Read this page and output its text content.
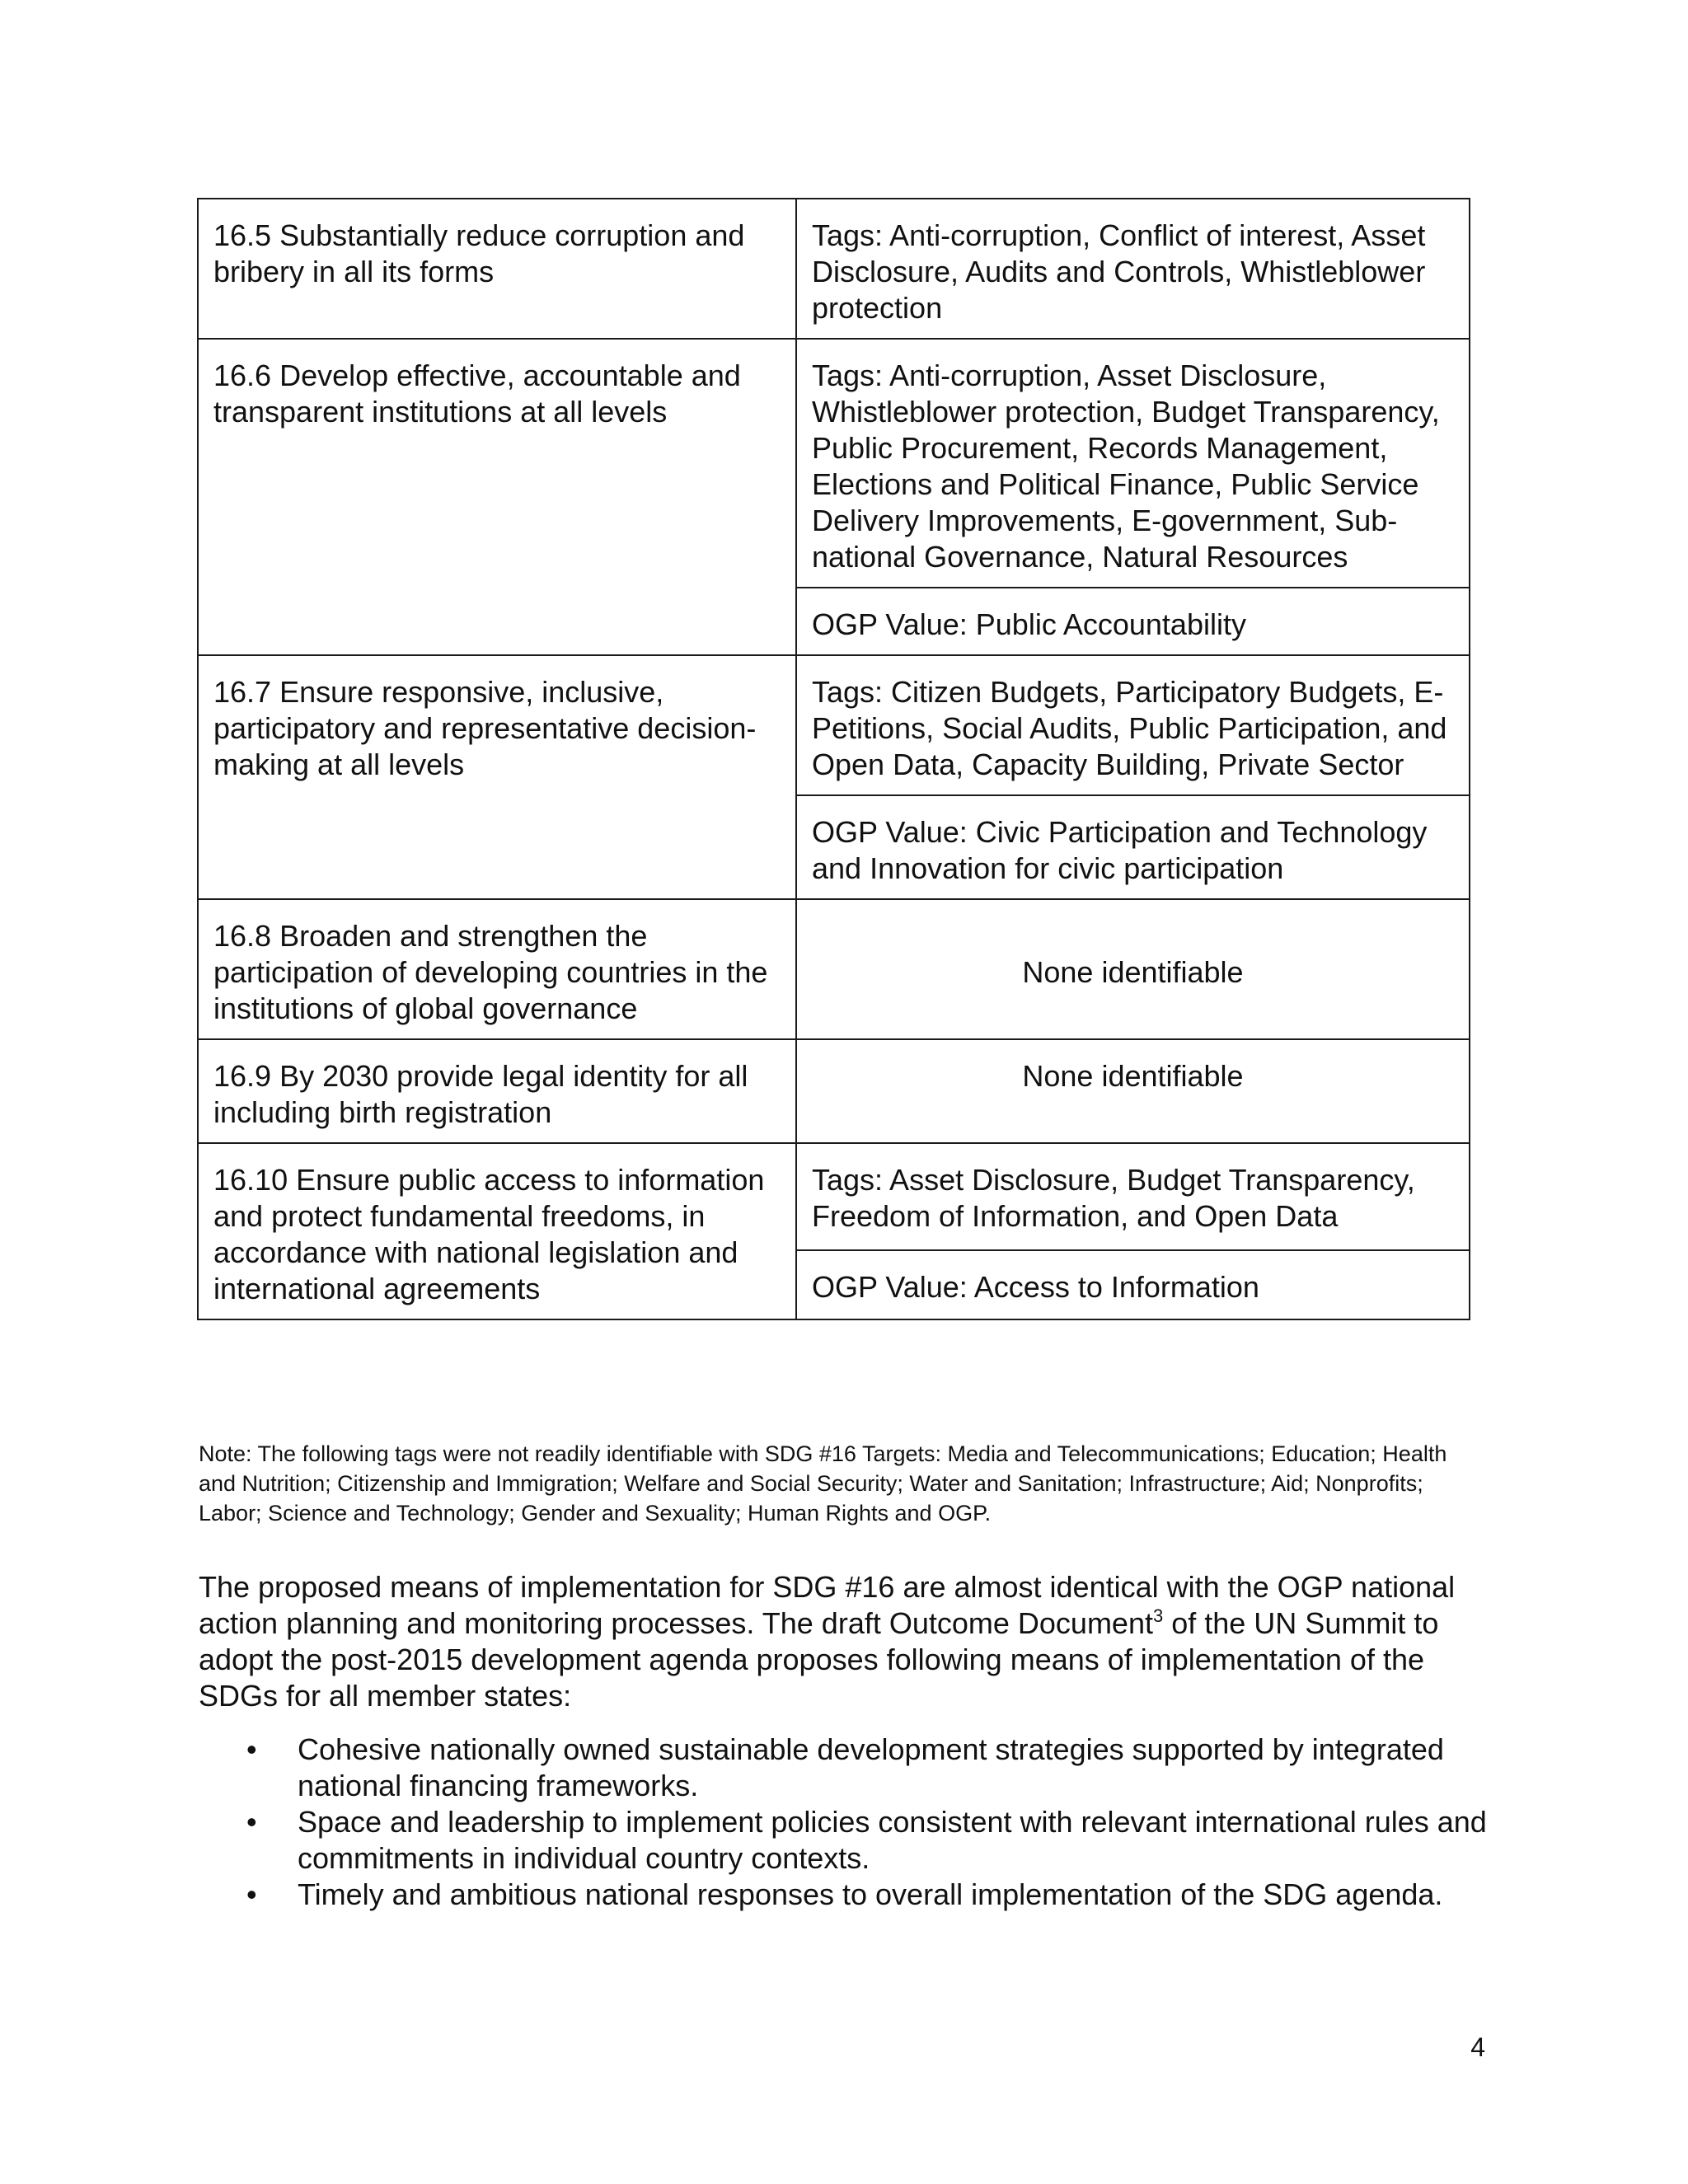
16.5 Substantially reduce corruption and bribery in all its forms	Tags: Anti-corruption, Conflict of interest, Asset Disclosure, Audits and Controls, Whistleblower protection
16.6 Develop effective, accountable and transparent institutions at all levels	Tags: Anti-corruption, Asset Disclosure, Whistleblower protection, Budget Transparency, Public Procurement, Records Management, Elections and Political Finance, Public Service Delivery Improvements, E-government, Sub-national Governance, Natural Resources
	OGP Value: Public Accountability
16.7 Ensure responsive, inclusive, participatory and representative decision-making at all levels	Tags: Citizen Budgets, Participatory Budgets, E-Petitions, Social Audits, Public Participation, and Open Data, Capacity Building, Private Sector
	OGP Value: Civic Participation and Technology and Innovation for civic participation
16.8 Broaden and strengthen the participation of developing countries in the institutions of global governance	None identifiable
16.9 By 2030 provide legal identity for all including birth registration	None identifiable
16.10 Ensure public access to information and protect fundamental freedoms, in accordance with national legislation and international agreements	Tags: Asset Disclosure, Budget Transparency, Freedom of Information, and Open Data
	OGP Value: Access to Information
Note: The following tags were not readily identifiable with SDG #16 Targets: Media and Telecommunications; Education; Health and Nutrition; Citizenship and Immigration; Welfare and Social Security; Water and Sanitation; Infrastructure; Aid; Nonprofits; Labor; Science and Technology; Gender and Sexuality; Human Rights and OGP.

The proposed means of implementation for SDG #16 are almost identical with the OGP national action planning and monitoring processes. The draft Outcome Document$^3$ of the UN Summit to adopt the post-2015 development agenda proposes following means of implementation of the SDGs for all member states:

• Cohesive nationally owned sustainable development strategies supported by integrated national financing frameworks.
• Space and leadership to implement policies consistent with relevant international rules and commitments in individual country contexts.
• Timely and ambitious national responses to overall implementation of the SDG agenda.
4
